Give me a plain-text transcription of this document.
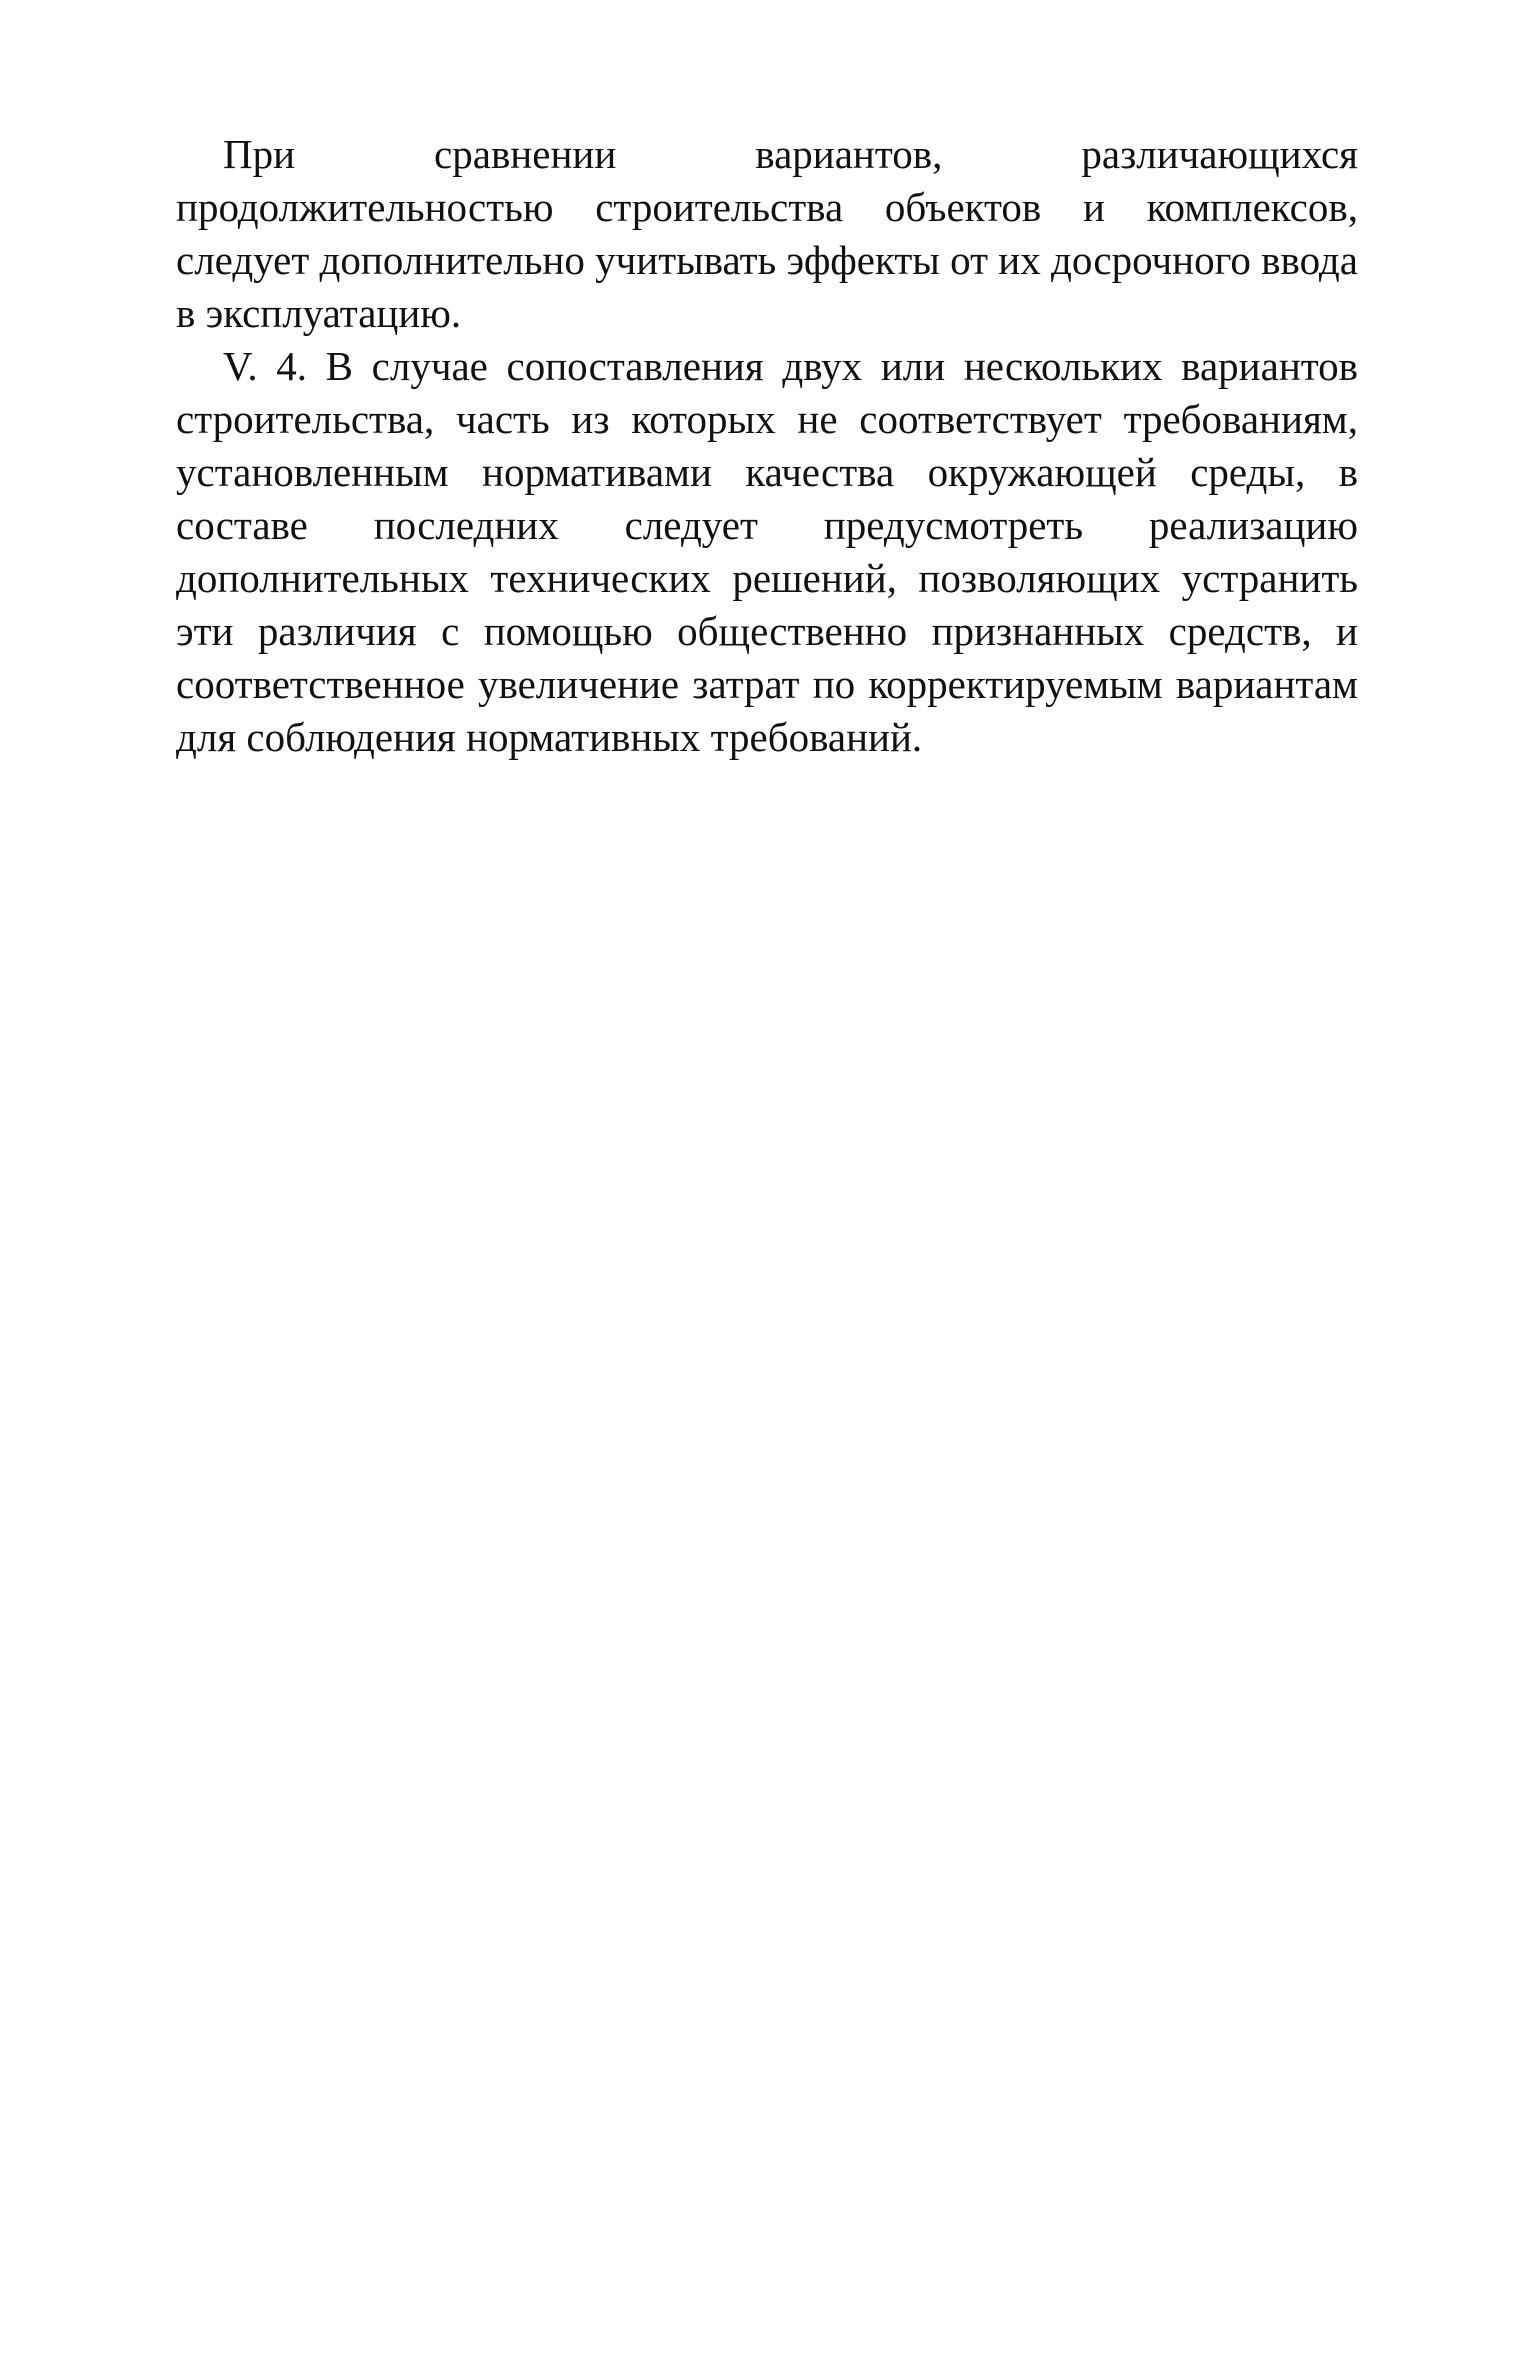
При сравнении вариантов, различающихся продолжительностью строительства объектов и комплексов, следует дополнительно учитывать эффекты от их досрочного ввода в эксплуатацию.

V. 4. В случае сопоставления двух или нескольких вариантов строительства, часть из которых не соответствует требованиям, установленным нормативами качества окружающей среды, в составе последних следует предусмотреть реализацию дополнительных технических решений, позволяющих устранить эти различия с помощью общественно признанных средств, и соответственное увеличение затрат по корректируемым вариантам для соблюдения нормативных требований.
